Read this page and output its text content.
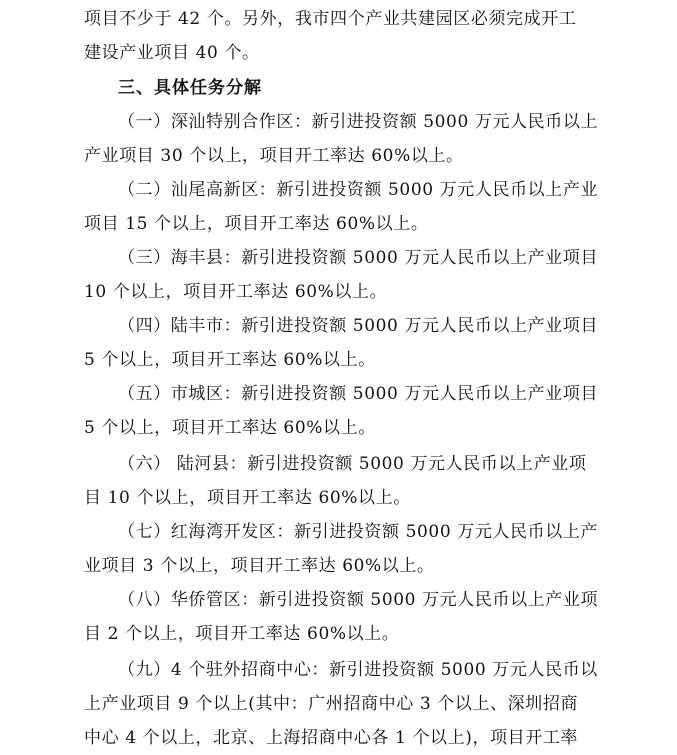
项目不少于 42 个。另外，我市四个产业共建园区必须完成开工
建设产业项目 40 个。
三、具体任务分解
（一）深汕特别合作区：新引进投资额 5000 万元人民币以上
产业项目 30 个以上，项目开工率达 60%以上。
（二）汕尾高新区：新引进投资额 5000 万元人民币以上产业
项目 15 个以上，项目开工率达 60%以上。
（三）海丰县：新引进投资额 5000 万元人民币以上产业项目
10 个以上，项目开工率达 60%以上。
（四）陆丰市：新引进投资额 5000 万元人民币以上产业项目
5 个以上，项目开工率达 60%以上。
（五）市城区：新引进投资额 5000 万元人民币以上产业项目
5 个以上，项目开工率达 60%以上。
（六） 陆河县：新引进投资额 5000 万元人民币以上产业项
目 10 个以上，项目开工率达 60%以上。
（七）红海湾开发区：新引进投资额 5000 万元人民币以上产
业项目 3 个以上，项目开工率达 60%以上。
（八）华侨管区：新引进投资额 5000 万元人民币以上产业项
目 2 个以上，项目开工率达 60%以上。
（九）4 个驻外招商中心：新引进投资额 5000 万元人民币以
上产业项目 9 个以上(其中：广州招商中心 3 个以上、深圳招商
中心 4 个以上，北京、上海招商中心各 1 个以上)，项目开工率
